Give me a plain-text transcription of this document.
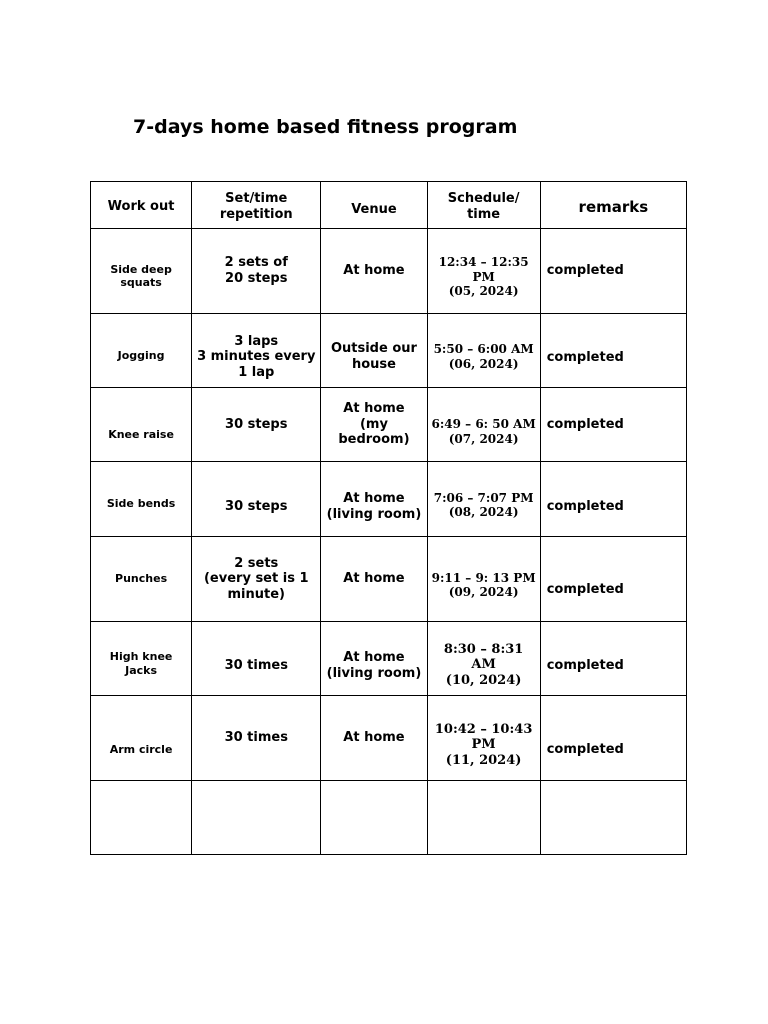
7-days home based fitness program
Work out	Set/time
repetition	Venue	Schedule/
time	remarks

Side deep
squats	2 sets of
20 steps	At home	12:34 – 12:35
PM
(05, 2024)	completed

Jogging	3 laps
3 minutes every
1 lap	Outside our
house	5:50 – 6:00 AM
(06, 2024)	completed

Knee raise	30 steps	At home
(my
bedroom)	6:49 – 6: 50 AM
(07, 2024)	completed

Side bends	30 steps	At home
(living room)	7:06 – 7:07 PM
(08, 2024)	completed

Punches	2 sets
(every set is 1
minute)	At home	9:11 – 9: 13 PM
(09, 2024)	completed

High knee
Jacks	30 times	At home
(living room)	8:30 – 8:31
AM
(10, 2024)	completed

Arm circle	30 times	At home	10:42 – 10:43
PM
(11, 2024)	completed
